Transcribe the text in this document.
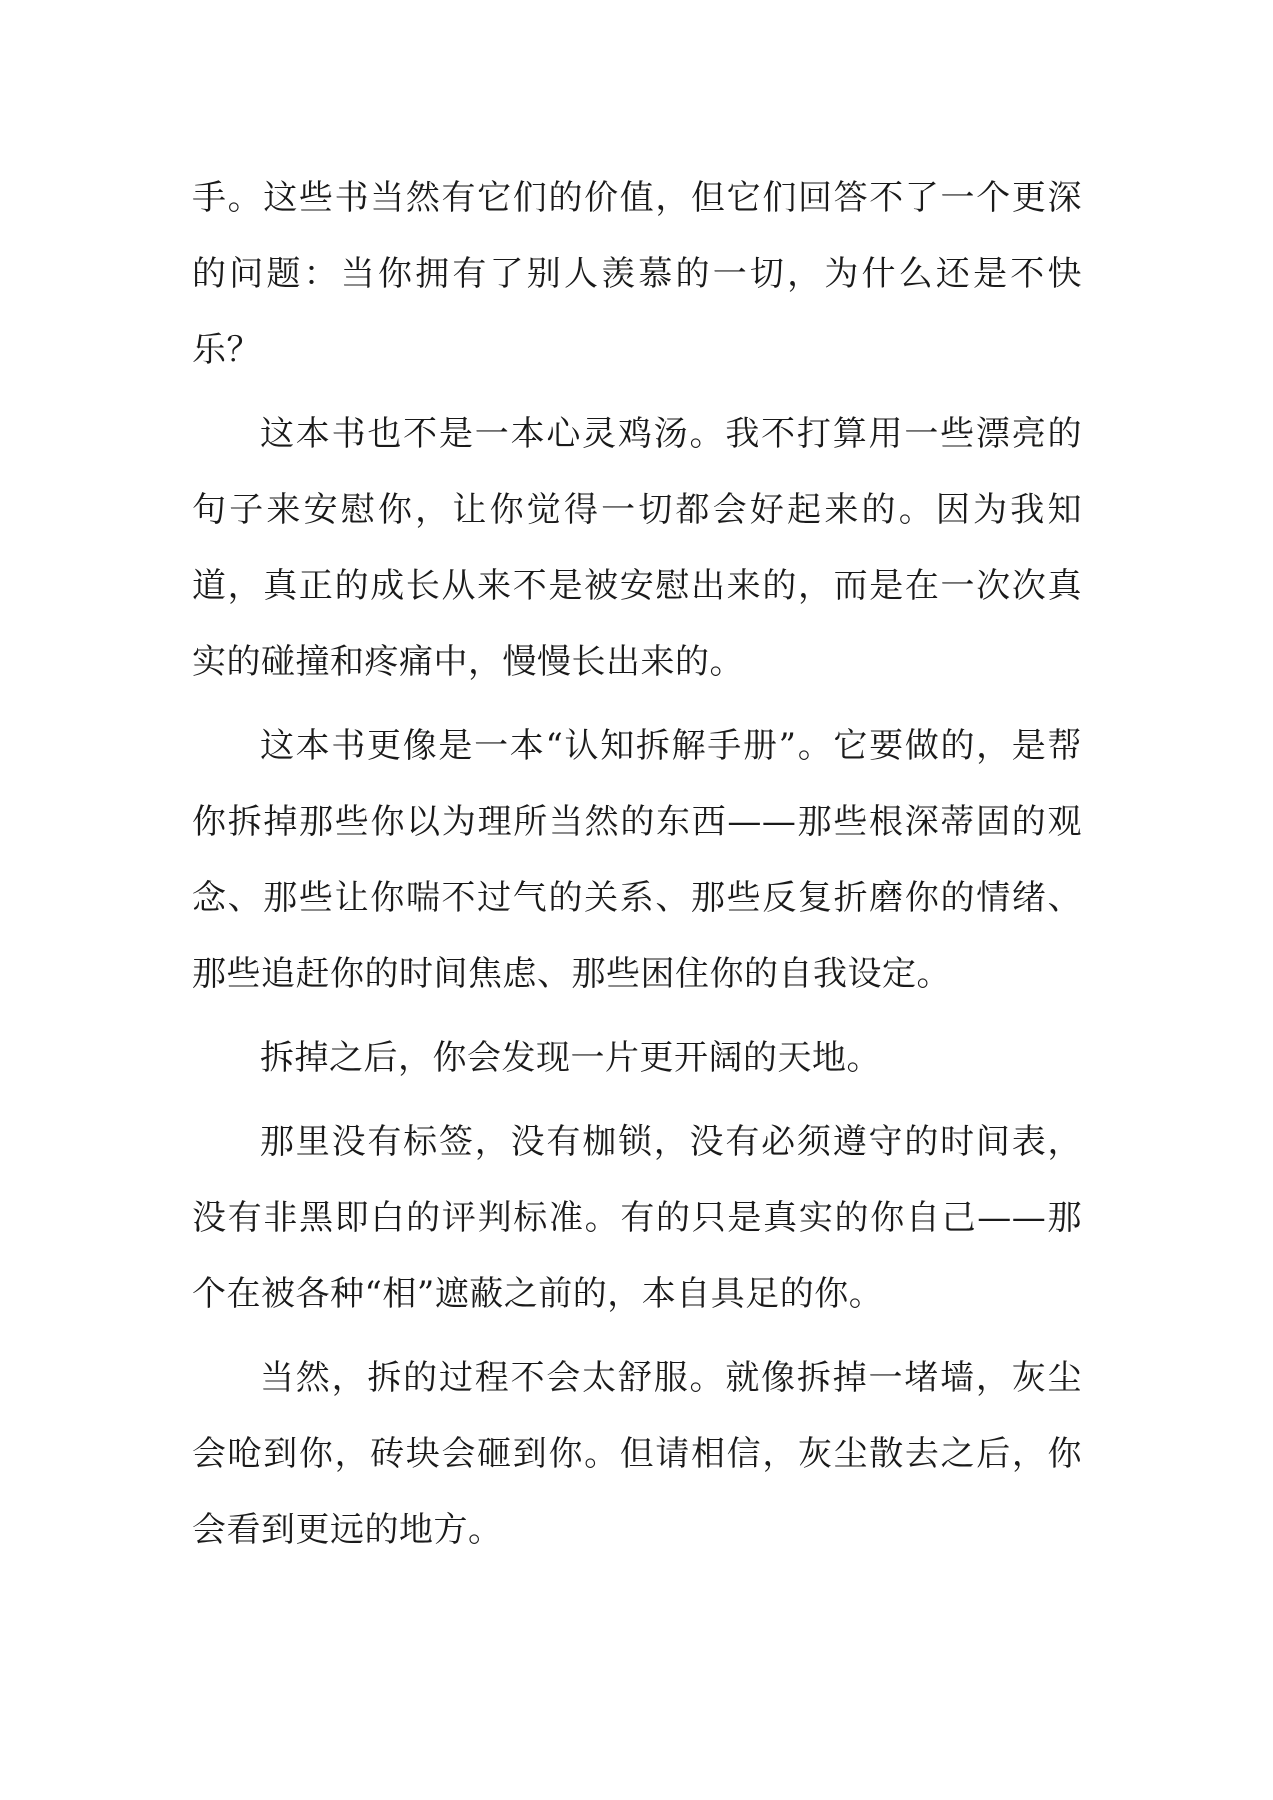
手。这些书当然有它们的价值，但它们回答不了一个更深的问题：当你拥有了别人羡慕的一切，为什么还是不快乐？

这本书也不是一本心灵鸡汤。我不打算用一些漂亮的句子来安慰你，让你觉得一切都会好起来的。因为我知道，真正的成长从来不是被安慰出来的，而是在一次次真实的碰撞和疼痛中，慢慢长出来的。

这本书更像是一本“认知拆解手册”。它要做的，是帮你拆掉那些你以为理所当然的东西——那些根深蒂固的观念、那些让你喘不过气的关系、那些反复折磨你的情绪、那些追赶你的时间焦虑、那些困住你的自我设定。

拆掉之后，你会发现一片更开阔的天地。

那里没有标签，没有枷锁，没有必须遵守的时间表，没有非黑即白的评判标准。有的只是真实的你自己——那个在被各种“相”遮蔽之前的，本自具足的你。

当然，拆的过程不会太舒服。就像拆掉一堵墙，灰尘会呛到你，砖块会砸到你。但请相信，灰尘散去之后，你会看到更远的地方。
